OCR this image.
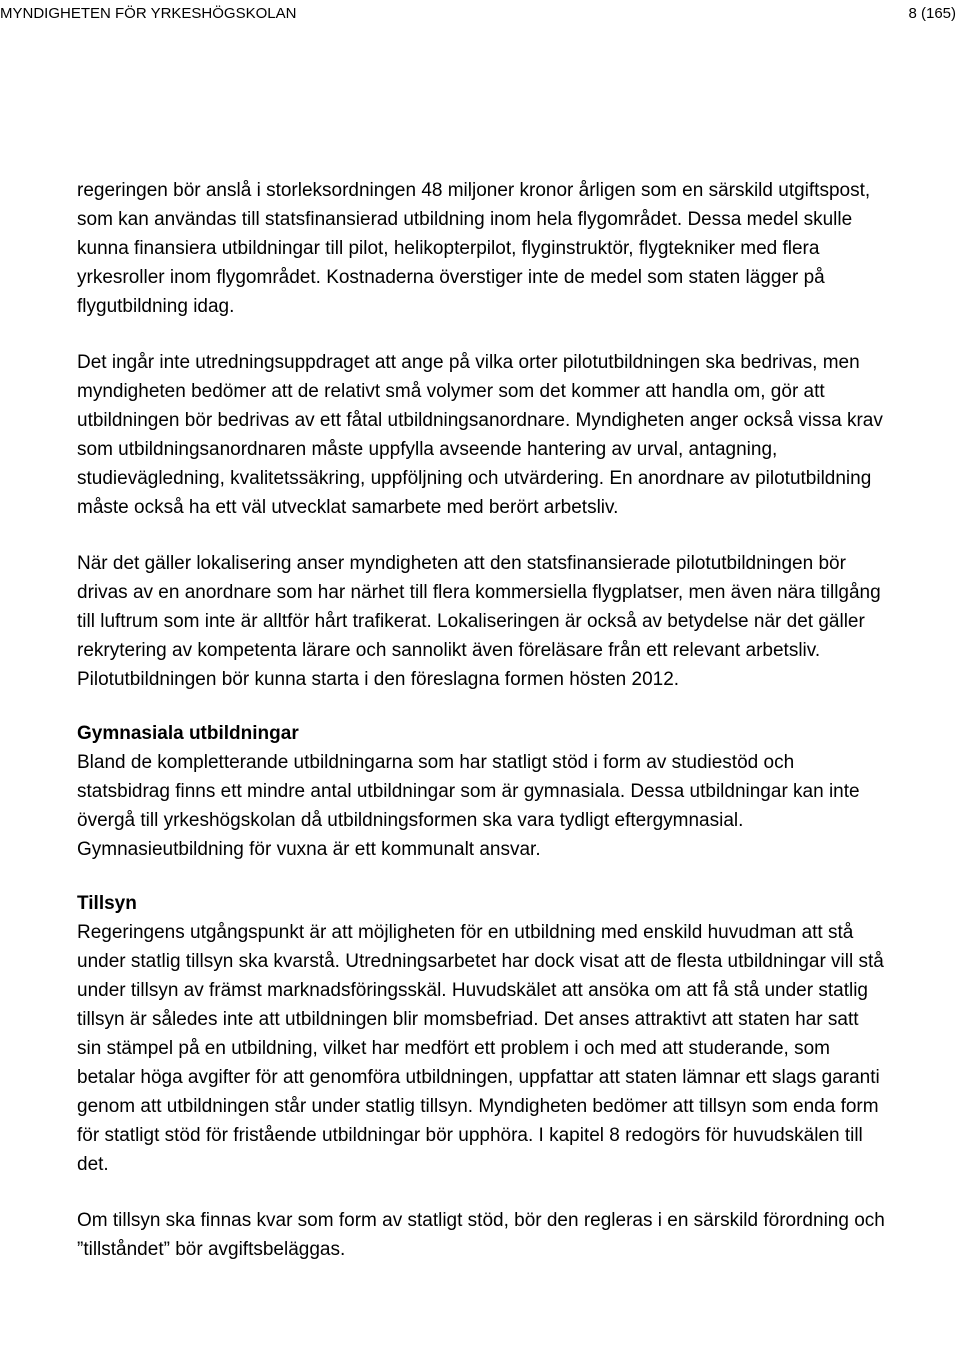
MYNDIGHETEN FÖR YRKESHÖGSKOLAN	8 (165)

regeringen bör anslå i storleksordningen 48 miljoner kronor årligen som en särskild utgiftspost, som kan användas till statsfinansierad utbildning inom hela flygområdet. Dessa medel skulle kunna finansiera utbildningar till pilot, helikopterpilot, flyginstruktör, flygtekniker med flera yrkesroller inom flygområdet. Kostnaderna överstiger inte de medel som staten lägger på flygutbildning idag.

Det ingår inte utredningsuppdraget att ange på vilka orter pilotutbildningen ska bedrivas, men myndigheten bedömer att de relativt små volymer som det kommer att handla om, gör att utbildningen bör bedrivas av ett fåtal utbildningsanordnare. Myndigheten anger också vissa krav som utbildningsanordnaren måste uppfylla avseende hantering av urval, antagning, studievägledning, kvalitetssäkring, uppföljning och utvärdering. En anordnare av pilotutbildning måste också ha ett väl utvecklat samarbete med berört arbetsliv.

När det gäller lokalisering anser myndigheten att den statsfinansierade pilotutbildningen bör drivas av en anordnare som har närhet till flera kommersiella flygplatser, men även nära tillgång till luftrum som inte är alltför hårt trafikerat. Lokaliseringen är också av betydelse när det gäller rekrytering av kompetenta lärare och sannolikt även föreläsare från ett relevant arbetsliv. Pilotutbildningen bör kunna starta i den föreslagna formen hösten 2012.

Gymnasiala utbildningar

Bland de kompletterande utbildningarna som har statligt stöd i form av studiestöd och statsbidrag finns ett mindre antal utbildningar som är gymnasiala. Dessa utbildningar kan inte övergå till yrkeshögskolan då utbildningsformen ska vara tydligt eftergymnasial. Gymnasieutbildning för vuxna är ett kommunalt ansvar.

Tillsyn

Regeringens utgångspunkt är att möjligheten för en utbildning med enskild huvudman att stå under statlig tillsyn ska kvarstå. Utredningsarbetet har dock visat att de flesta utbildningar vill stå under tillsyn av främst marknadsföringsskäl. Huvudskälet att ansöka om att få stå under statlig tillsyn är således inte att utbildningen blir momsbefriad. Det anses attraktivt att staten har satt sin stämpel på en utbildning, vilket har medfört ett problem i och med att studerande, som betalar höga avgifter för att genomföra utbildningen, uppfattar att staten lämnar ett slags garanti genom att utbildningen står under statlig tillsyn. Myndigheten bedömer att tillsyn som enda form för statligt stöd för fristående utbildningar bör upphöra. I kapitel 8 redogörs för huvudskälen till det.

Om tillsyn ska finnas kvar som form av statligt stöd, bör den regleras i en särskild förordning och ”tillståndet” bör avgiftsbeläggas.
